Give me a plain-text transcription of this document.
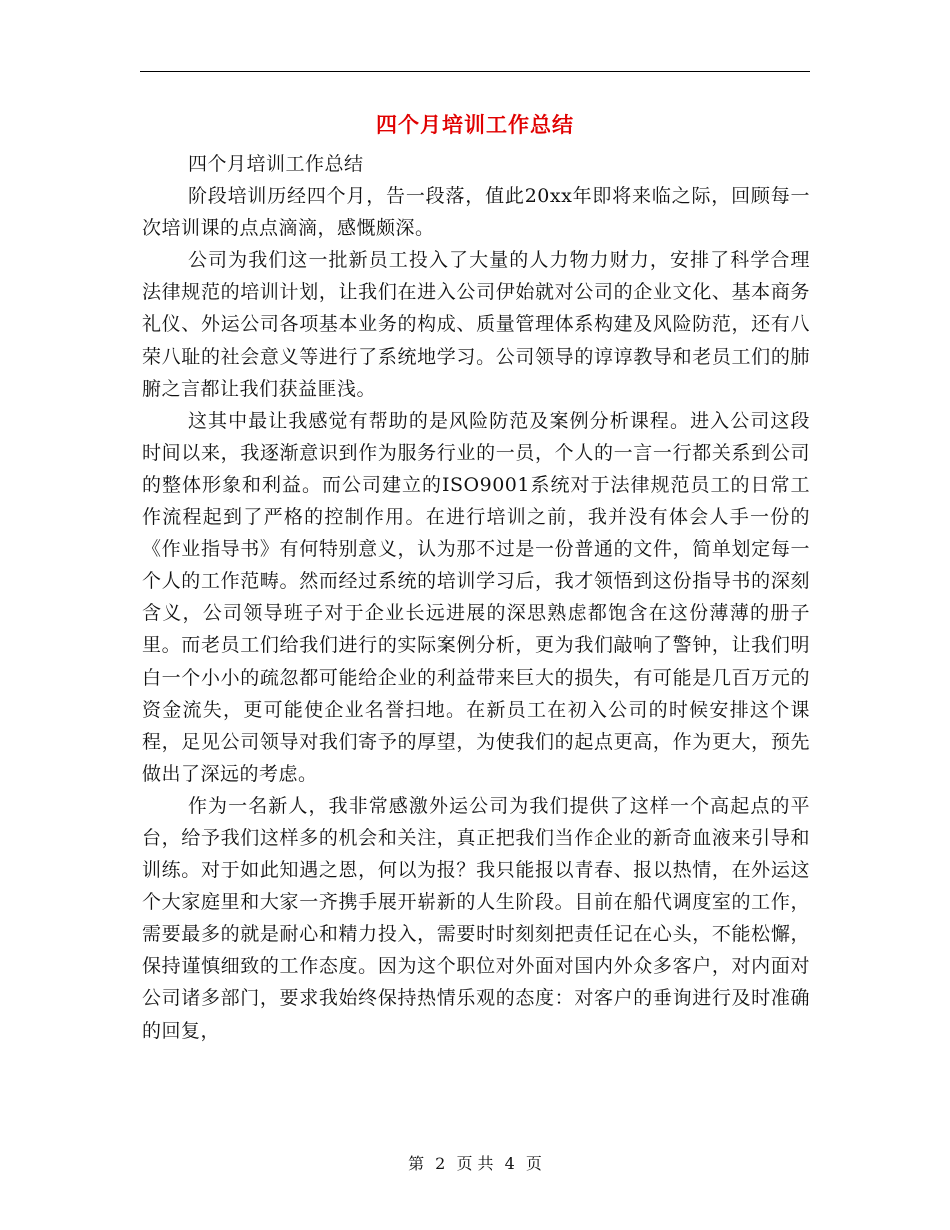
四个月培训工作总结

四个月培训工作总结

阶段培训历经四个月，告一段落，值此20xx年即将来临之际，回顾每一次培训课的点点滴滴，感慨颇深。

公司为我们这一批新员工投入了大量的人力物力财力，安排了科学合理法律规范的培训计划，让我们在进入公司伊始就对公司的企业文化、基本商务礼仪、外运公司各项基本业务的构成、质量管理体系构建及风险防范，还有八荣八耻的社会意义等进行了系统地学习。公司领导的谆谆教导和老员工们的肺腑之言都让我们获益匪浅。

这其中最让我感觉有帮助的是风险防范及案例分析课程。进入公司这段时间以来，我逐渐意识到作为服务行业的一员，个人的一言一行都关系到公司的整体形象和利益。而公司建立的ISO9001系统对于法律规范员工的日常工作流程起到了严格的控制作用。在进行培训之前，我并没有体会人手一份的《作业指导书》有何特别意义，认为那不过是一份普通的文件，简单划定每一个人的工作范畴。然而经过系统的培训学习后，我才领悟到这份指导书的深刻含义，公司领导班子对于企业长远进展的深思熟虑都饱含在这份薄薄的册子里。而老员工们给我们进行的实际案例分析，更为我们敲响了警钟，让我们明白一个小小的疏忽都可能给企业的利益带来巨大的损失，有可能是几百万元的资金流失，更可能使企业名誉扫地。在新员工在初入公司的时候安排这个课程，足见公司领导对我们寄予的厚望，为使我们的起点更高，作为更大，预先做出了深远的考虑。

作为一名新人，我非常感激外运公司为我们提供了这样一个高起点的平台，给予我们这样多的机会和关注，真正把我们当作企业的新奇血液来引导和训练。对于如此知遇之恩，何以为报？我只能报以青春、报以热情，在外运这个大家庭里和大家一齐携手展开崭新的人生阶段。目前在船代调度室的工作，需要最多的就是耐心和精力投入，需要时时刻刻把责任记在心头，不能松懈，保持谨慎细致的工作态度。因为这个职位对外面对国内外众多客户，对内面对公司诸多部门，要求我始终保持热情乐观的态度：对客户的垂询进行及时准确的回复，

第 2 页 共 4 页
